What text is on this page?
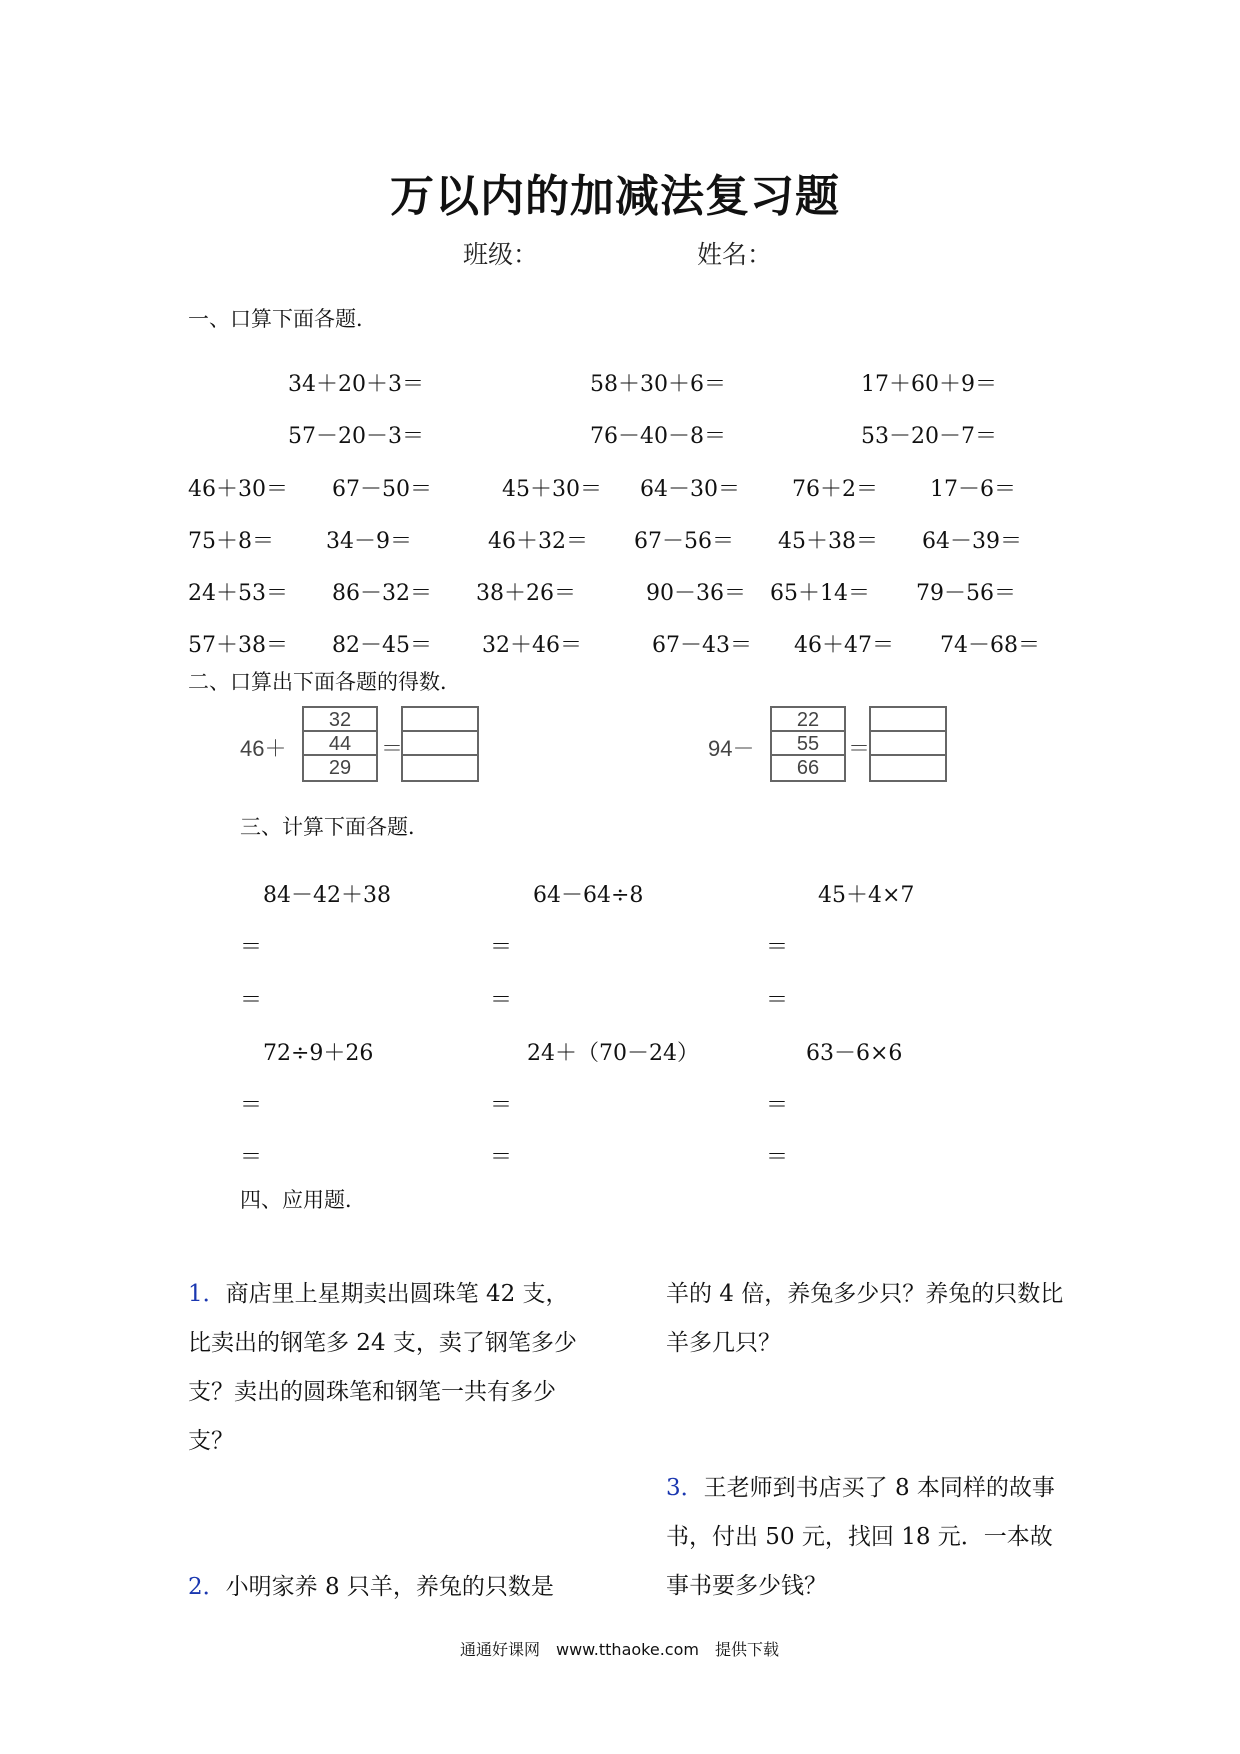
万以内的加减法复习题
班级：	姓名：
一、口算下面各题．
34＋20＋3＝	58＋30＋6＝	17＋60＋9＝
57－20－3＝	76－40－8＝	53－20－7＝
46＋30＝ 67－50＝	45＋30＝ 64－30＝ 76＋2＝ 17－6＝
75＋8＝ 34－9＝	46＋32＝ 67－56＝ 45＋38＝ 64－39＝
24＋53＝ 86－32＝ 38＋26＝	90－36＝ 65＋14＝ 79－56＝
57＋38＝ 82－45＝ 32＋46＝	67－43＝ 46＋47＝ 74－68＝
二、口算出下面各题的得数．
46＋
32
44
29
＝	94－
22
55
66
＝
三、计算下面各题．
84－42＋38	64－64÷8	45＋4×7
＝	＝	＝
＝	＝	＝
72÷9＋26	24＋（70－24）	63－6×6
＝	＝	＝
＝	＝	＝
四、应用题．
1．商店里上星期卖出圆珠笔 42 支，比卖出的钢笔多 24 支，卖了钢笔多少支？卖出的圆珠笔和钢笔一共有多少支？
2．小明家养 8 只羊，养兔的只数是
羊的 4 倍，养兔多少只？养兔的只数比羊多几只？
3．王老师到书店买了 8 本同样的故事书，付出 50 元，找回 18 元．一本故事书要多少钱？
通通好课网　www.tthaoke.com　提供下载
